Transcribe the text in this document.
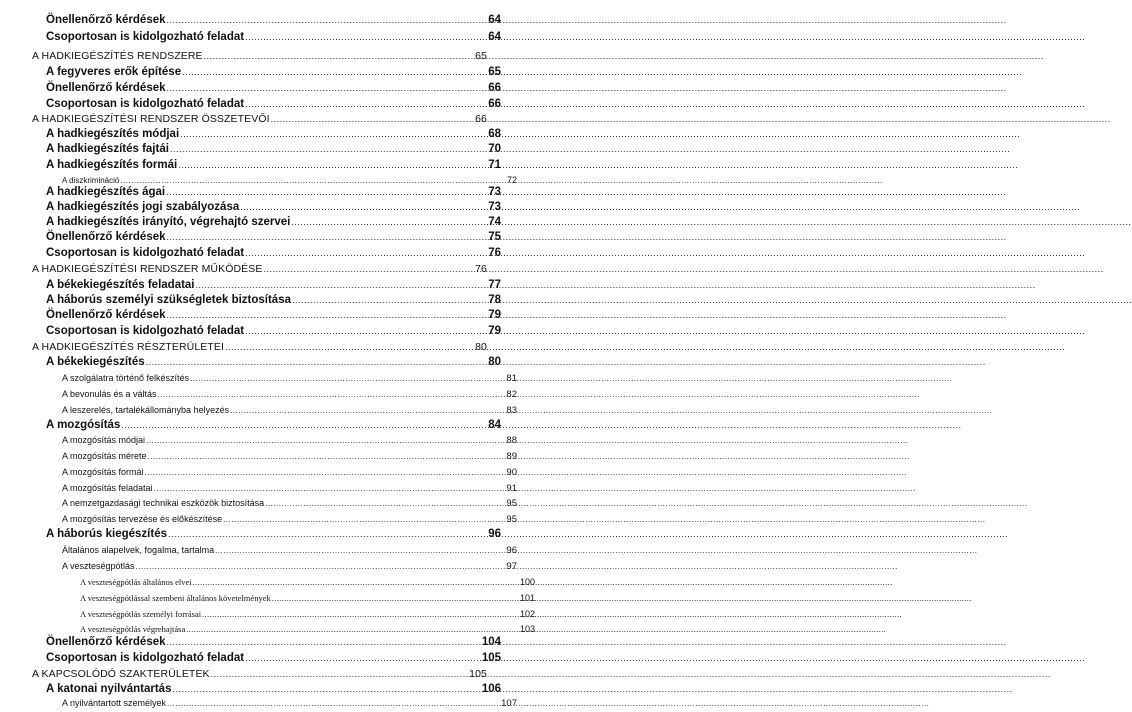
Önellenőrző kérdések .....	64
Csoportosan is kidolgozható feladat .....	64
A HADKIEGÉSZÍTÉS RENDSZERE .....	65
A fegyveres erők építése .....	65
Önellenőrző kérdések .....	66
Csoportosan is kidolgozható feladat .....	66
A HADKIEGÉSZÍTÉSI RENDSZER ÖSSZETEVŐI .....	66
A hadkiegészítés módjai .....	68
A hadkiegészítés fajtái .....	70
A hadkiegészítés formái .....	71
A diszkrimináció .....	72
A hadkiegészítés ágai .....	73
A hadkiegészítés jogi szabályozása .....	73
A hadkiegészítés irányító, végrehajtó szervei .....	74
Önellenőrző kérdések .....	75
Csoportosan is kidolgozható feladat .....	76
A HADKIEGÉSZÍTÉSI RENDSZER MŰKÖDÉSE .....	76
A békekiegészítés feladatai .....	77
A háborús személyi szükségletek biztosítása .....	78
Önellenőrző kérdések .....	79
Csoportosan is kidolgozható feladat .....	79
A HADKIEGÉSZÍTÉS RÉSZTERÜLETEI .....	80
A békekiegészítés .....	80
A szolgálatra történő felkészítés .....	81
A bevonulás és a váltás .....	82
A leszerelés, tartalékállományba helyezés .....	83
A mozgósítás .....	84
A mozgósítás módjai .....	88
A mozgósítás mérete .....	89
A mozgósítás formái .....	90
A mozgósítás feladatai .....	91
A nemzetgazdasági technikai eszközök biztosítása .....	95
A mozgósítás tervezése és előkészítése .....	95
A háborús kiegészítés .....	96
Általános alapelvek, fogalma, tartalma .....	96
A veszteségpótlás .....	97
A veszteségpótlás általános elvei .....	100
A veszteségpótlással szembeni általános követelmények .....	101
A veszteségpótlás személyi forrásai .....	102
A veszteségpótlás végrehajtása .....	103
Önellenőrző kérdések .....	104
Csoportosan is kidolgozható feladat .....	105
A KAPCSOLÓDÓ SZAKTERÜLETEK .....	105
A katonai nyilvántartás .....	106
A nyilvántartott személyek .....	107
